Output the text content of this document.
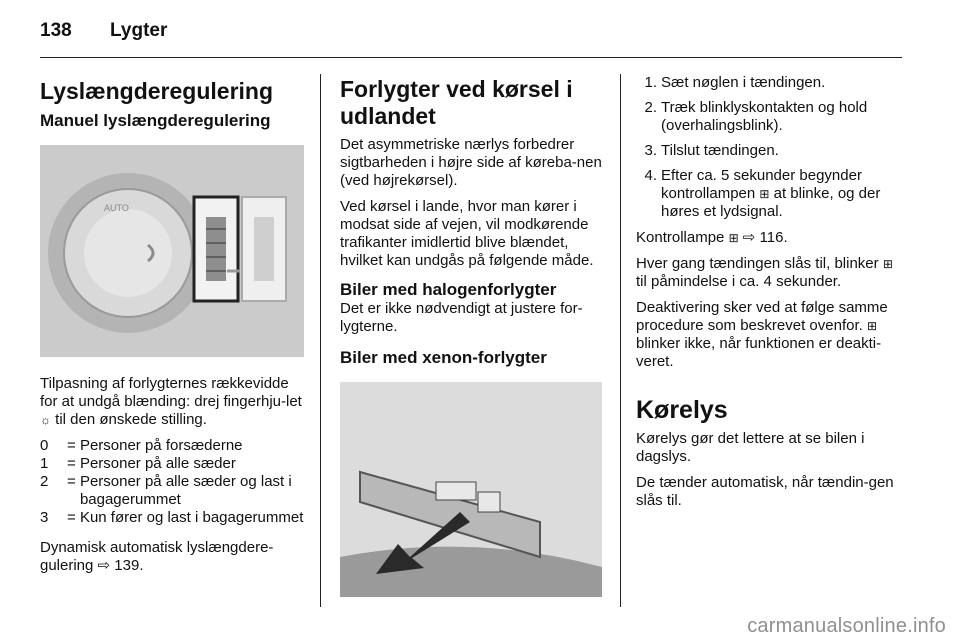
138 Lygter
Lyslængderegulering
Manuel lyslængderegulering
AUTO

Tilpasning af forlygternes rækkevidde for at undgå blænding: drej fingerhju-let ☼ til den ønskede stilling.

0	= Personer på forsæderne
1	= Personer på alle sæder
2	= Personer på alle sæder og last i bagagerummet
3	= Kun fører og last i bagagerummet

Dynamisk automatisk lyslængdere-gulering ⇨ 139.

Forlygter ved kørsel i udlandet

Det asymmetriske nærlys forbedrer sigtbarheden i højre side af køreba-nen (ved højrekørsel).

Ved kørsel i lande, hvor man kører i modsat side af vejen, vil modkørende trafikanter imidlertid blive blændet, hvilket kan undgås på følgende måde.

Biler med halogenforlygter

Det er ikke nødvendigt at justere for-lygterne.

Biler med xenon-forlygter
1. Sæt nøglen i tændingen.
2. Træk blinklyskontakten og hold (overhalingsblink).
3. Tilslut tændingen.
4. Efter ca. 5 sekunder begynder kontrollampen ⊞ at blinke, og der høres et lydsignal.

Kontrollampe ⊞ ⇨ 116.

Hver gang tændingen slås til, blinker ⊞ til påmindelse i ca. 4 sekunder.

Deaktivering sker ved at følge samme procedure som beskrevet ovenfor. ⊞ blinker ikke, når funktionen er deakti-veret.

Kørelys

Kørelys gør det lettere at se bilen i dagslys.

De tænder automatisk, når tændin-gen slås til.

carmanualsonline.info
